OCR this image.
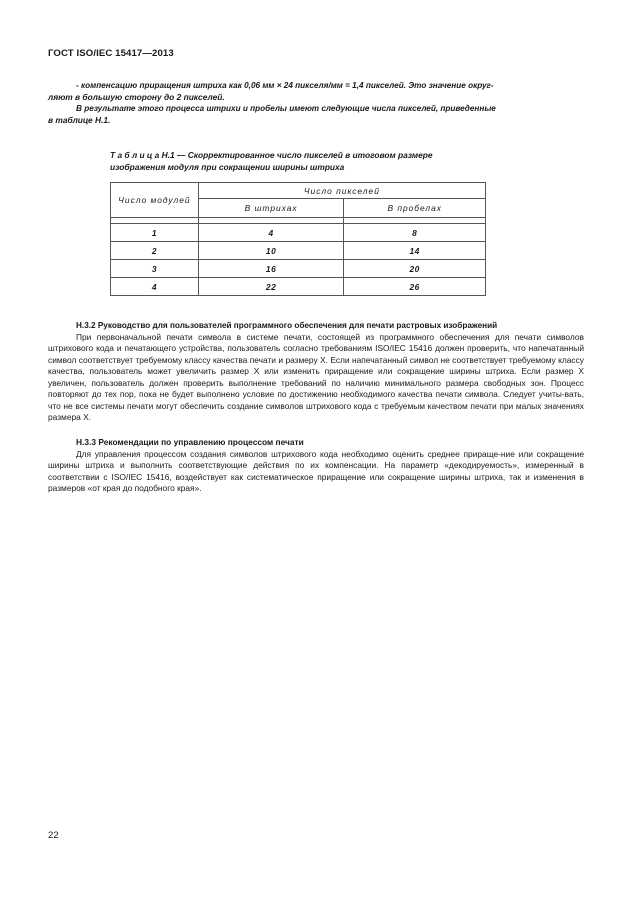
ГОСТ ISO/IEC 15417—2013
- компенсацию приращения штриха как 0,06 мм × 24 пикселя/мм = 1,4 пикселей. Это значение округ-
ляют в большую сторону до 2 пикселей.
В результате этого процесса штрихи и пробелы имеют следующие числа пикселей, приведенные
в таблице Н.1.
Т а б л и ц а Н.1 — Скорректированное число пикселей в итоговом размере
изображения модуля при сокращении ширины штриха
Число модулей	Число пикселей	
	В штрихах	В пробелах

1	4	8
2	10	14
3	16	20
4	22	26
Н.3.2 Руководство для пользователей программного обеспечения для печати растровых изображений
При первоначальной печати символа в системе печати, состоящей из программного обеспечения для печати символов штрихового кода и печатающего устройства, пользователь согласно требованиям ISO/IEC 15416 должен проверить, что напечатанный символ соответствует требуемому классу качества печати и размеру X. Если напечатанный символ не соответствует требуемому классу качества, пользователь может увеличить размер X или изменить приращение или сокращение ширины штриха. Если размер X увеличен, пользователь должен проверить выполнение требований по наличию минимального размера свободных зон. Процесс повторяют до тех пор, пока не будет выполнено условие по достижению необходимого качества печати символа. Следует учиты-вать, что не все системы печати могут обеспечить создание символов штрихового кода с требуемым качеством печати при малых значениях размера X.
Н.3.3 Рекомендации по управлению процессом печати
Для управления процессом создания символов штрихового кода необходимо оценить среднее прираще-ние или сокращение ширины штриха и выполнить соответствующие действия по их компенсации. На параметр «декодируемость», измеренный в соответствии с ISO/IEC 15416, воздействует как систематическое приращение или сокращение ширины штриха, так и изменения в размеров «от края до подобного края».
22
